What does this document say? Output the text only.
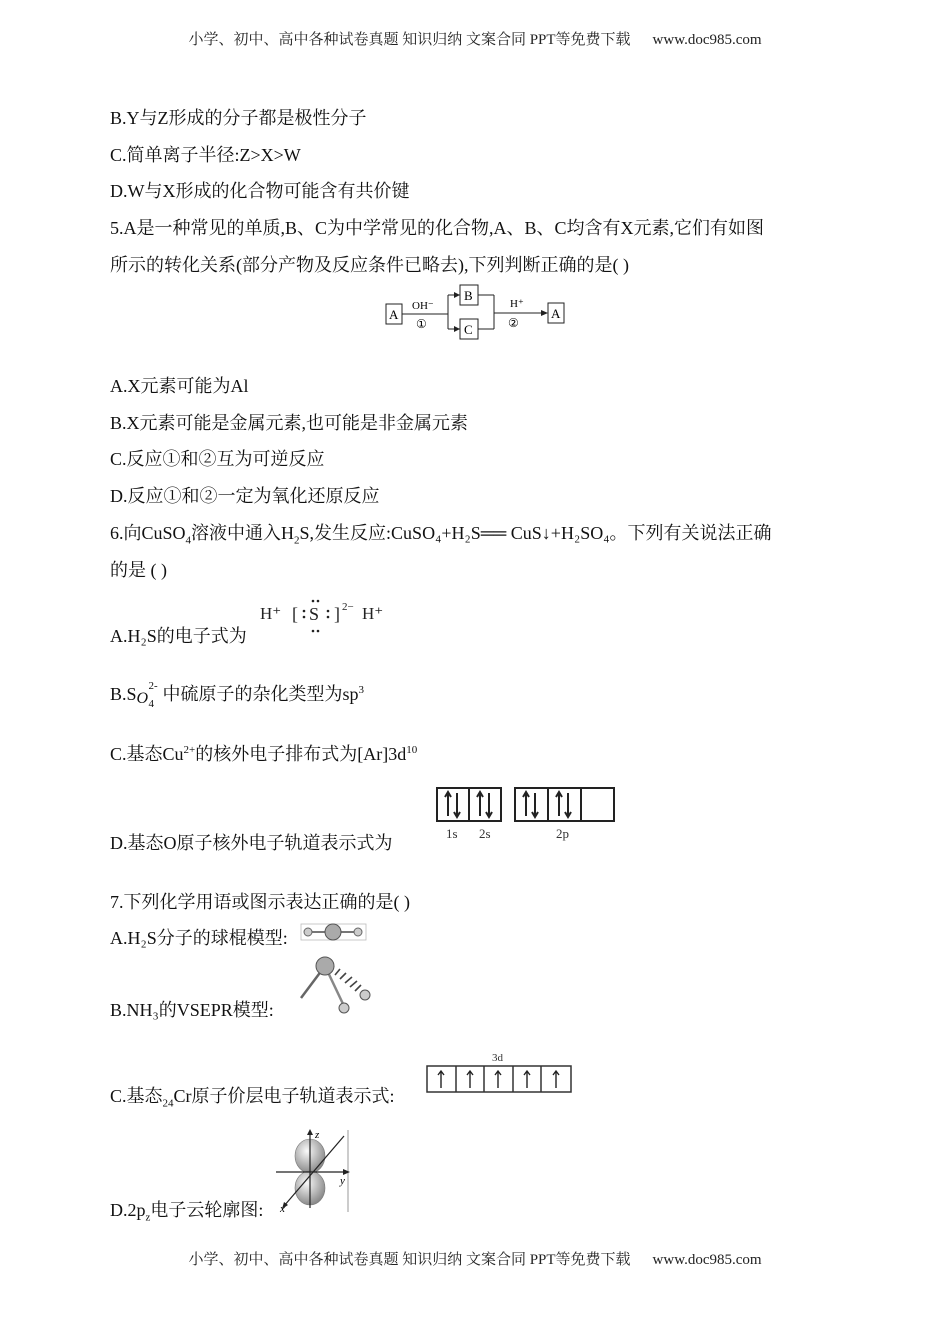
小学、初中、高中各种试卷真题 知识归纳 文案合同 PPT等免费下载 www.doc985.com
B.Y与Z形成的分子都是极性分子
C.简单离子半径:Z>X>W
D.W与X形成的化合物可能含有共价键
5.A是一种常见的单质,B、C为中学常见的化合物,A、B、C均含有X元素,它们有如图
所示的转化关系(部分产物及反应条件已略去),下列判断正确的是( )
A
OH⁻
①
B
C
H⁺
②
A
A.X元素可能为Al
B.X元素可能是金属元素,也可能是非金属元素
C.反应①和②互为可逆反应
D.反应①和②一定为氧化还原反应
6.向CuSO$_4$溶液中通入$H_2S$,发生反应:CuSO₄+H₂S══ CuS↓+H₂SO₄。下列有关说法正确
的是 ( )
A.H₂S的电子式为
H⁺ [ S ] 2− H⁺
B.S O 4
2- 中硫原子的杂化类型为$sp^3$
C.基态$Cu^{2+}$的核外电子排布式为$[Ar]3d^{10}$
D.基态O原子核外电子轨道表示式为	1s 2s	2p
7.下列化学用语或图示表达正确的是( )
A.H₂S分子的球棍模型:
B.NH₃的VSEPR模型:
C.基态$_{24}$Cr原子价层电子轨道表示式:
3d
$D.2p_z$电子云轮廓图:
z
y
x
小学、初中、高中各种试卷真题 知识归纳 文案合同 PPT等免费下载 www.doc985.com
